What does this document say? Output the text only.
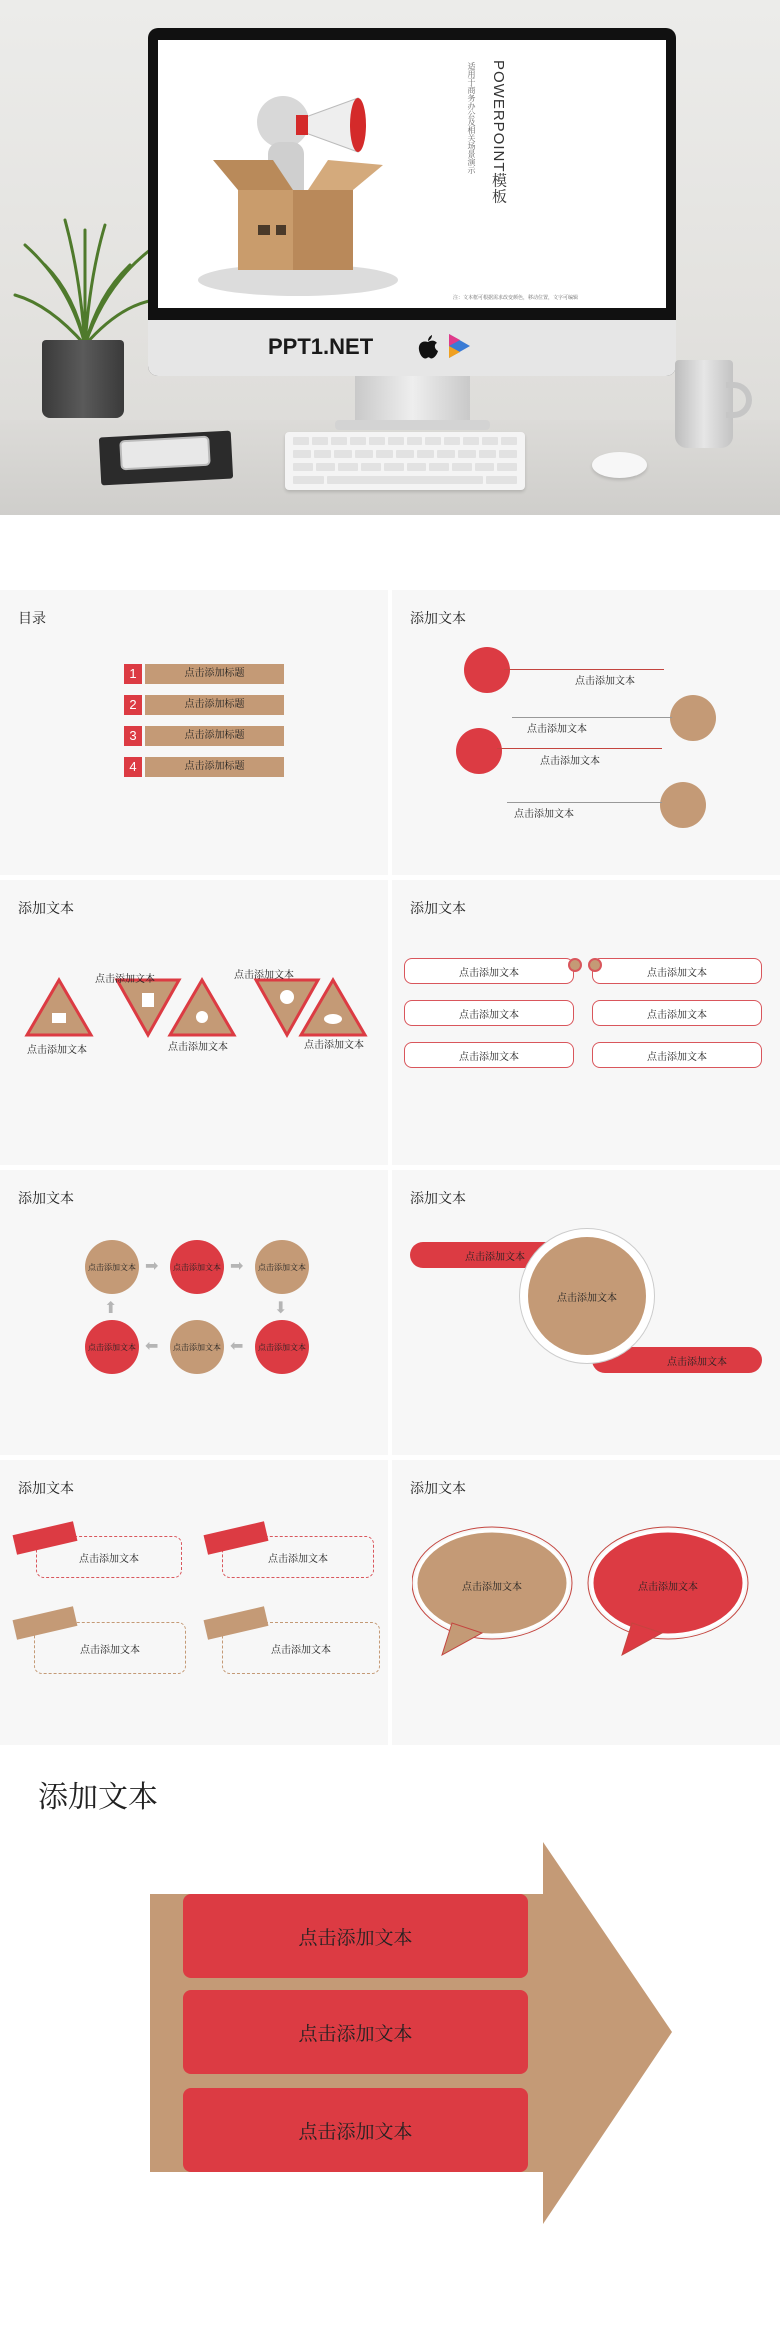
POWERPOINT模板
适用于商务办公及相关场景演示
注：文本框可根据需求改变颜色，移动位置，文字可编辑
PPT1.NET
目录
1	点击添加标题
2	点击添加标题
3	点击添加标题
4	点击添加标题
添加文本
点击添加文本
点击添加文本
点击添加文本
点击添加文本
添加文本
点击添加文本
点击添加文本
点击添加文本
点击添加文本
点击添加文本
添加文本
点击添加文本	点击添加文本
点击添加文本	点击添加文本
点击添加文本	点击添加文本
添加文本
点击添加文本	点击添加文本	点击添加文本
点击添加文本	点击添加文本	点击添加文本
➡	➡
⬇
⬅
⬅
⬆
添加文本
点击添加文本
点击添加文本
点击添加文本
添加文本
点击添加文本	点击添加文本
点击添加文本	点击添加文本
添加文本
点击添加文本	点击添加文本
添加文本
点击添加文本
点击添加文本
点击添加文本
